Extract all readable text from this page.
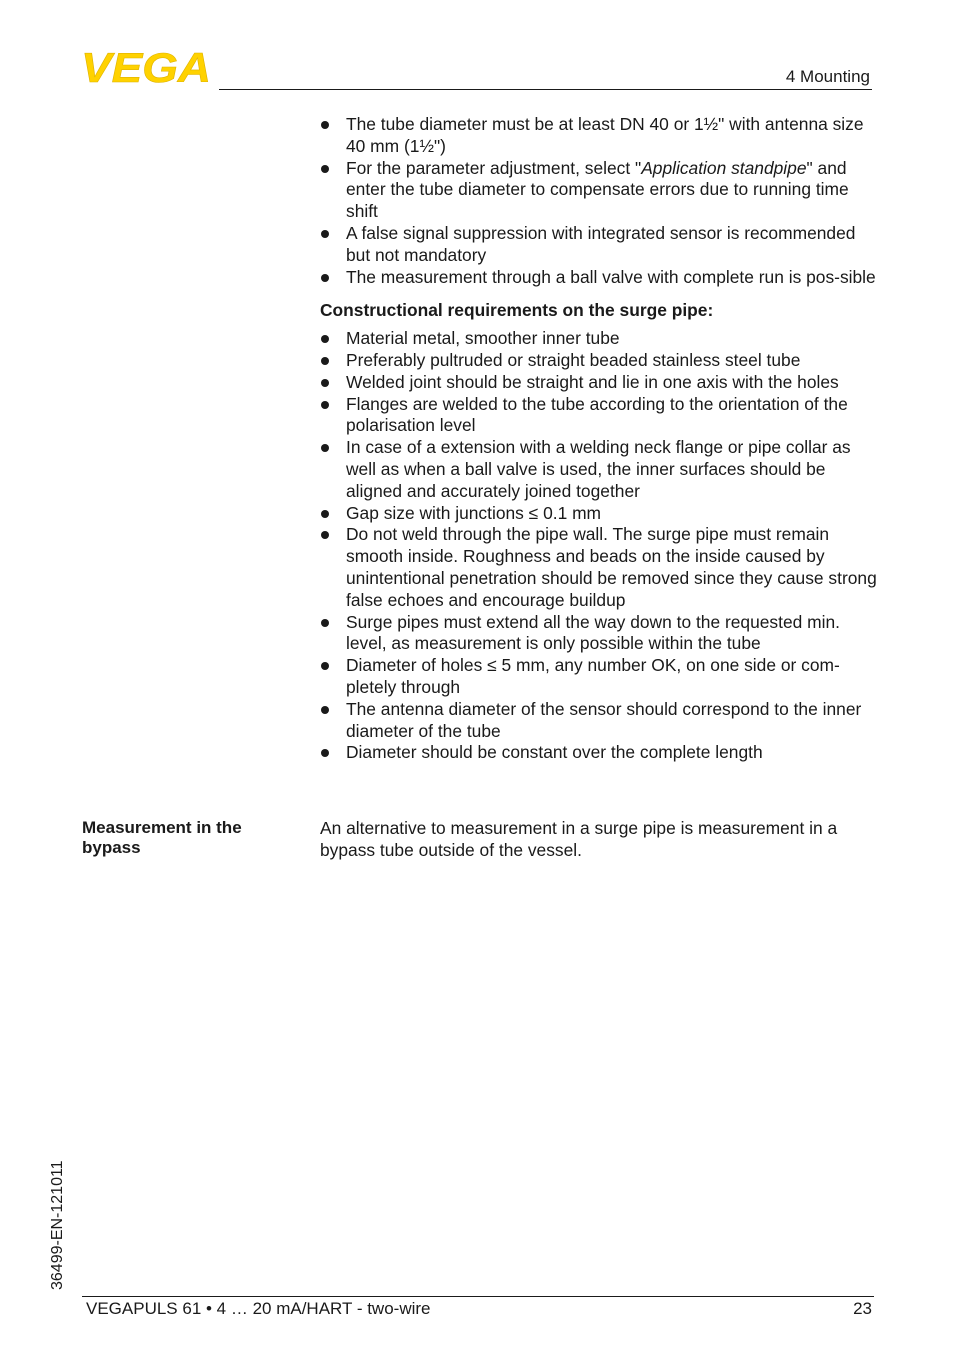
VEGA	4 Mounting
The tube diameter must be at least DN 40 or 1½" with antenna size 40 mm (1½")
For the parameter adjustment, select "Application standpipe" and enter the tube diameter to compensate errors due to running time shift
A false signal suppression with integrated sensor is recommended but not mandatory
The measurement through a ball valve with complete run is pos-sible
Constructional requirements on the surge pipe:
Material metal, smoother inner tube
Preferably pultruded or straight beaded stainless steel tube
Welded joint should be straight and lie in one axis with the holes
Flanges are welded to the tube according to the orientation of the polarisation level
In case of a extension with a welding neck flange or pipe collar as well as when a ball valve is used, the inner surfaces should be aligned and accurately joined together
Gap size with junctions ≤ 0.1 mm
Do not weld through the pipe wall. The surge pipe must remain smooth inside. Roughness and beads on the inside caused by unintentional penetration should be removed since they cause strong false echoes and encourage buildup
Surge pipes must extend all the way down to the requested min. level, as measurement is only possible within the tube
Diameter of holes ≤ 5 mm, any number OK, on one side or com-pletely through
The antenna diameter of the sensor should correspond to the inner diameter of the tube
Diameter should be constant over the complete length
Measurement in the bypass
An alternative to measurement in a surge pipe is measurement in a bypass tube outside of the vessel.
36499-EN-121011
VEGAPULS 61 • 4 … 20 mA/HART - two-wire	23
